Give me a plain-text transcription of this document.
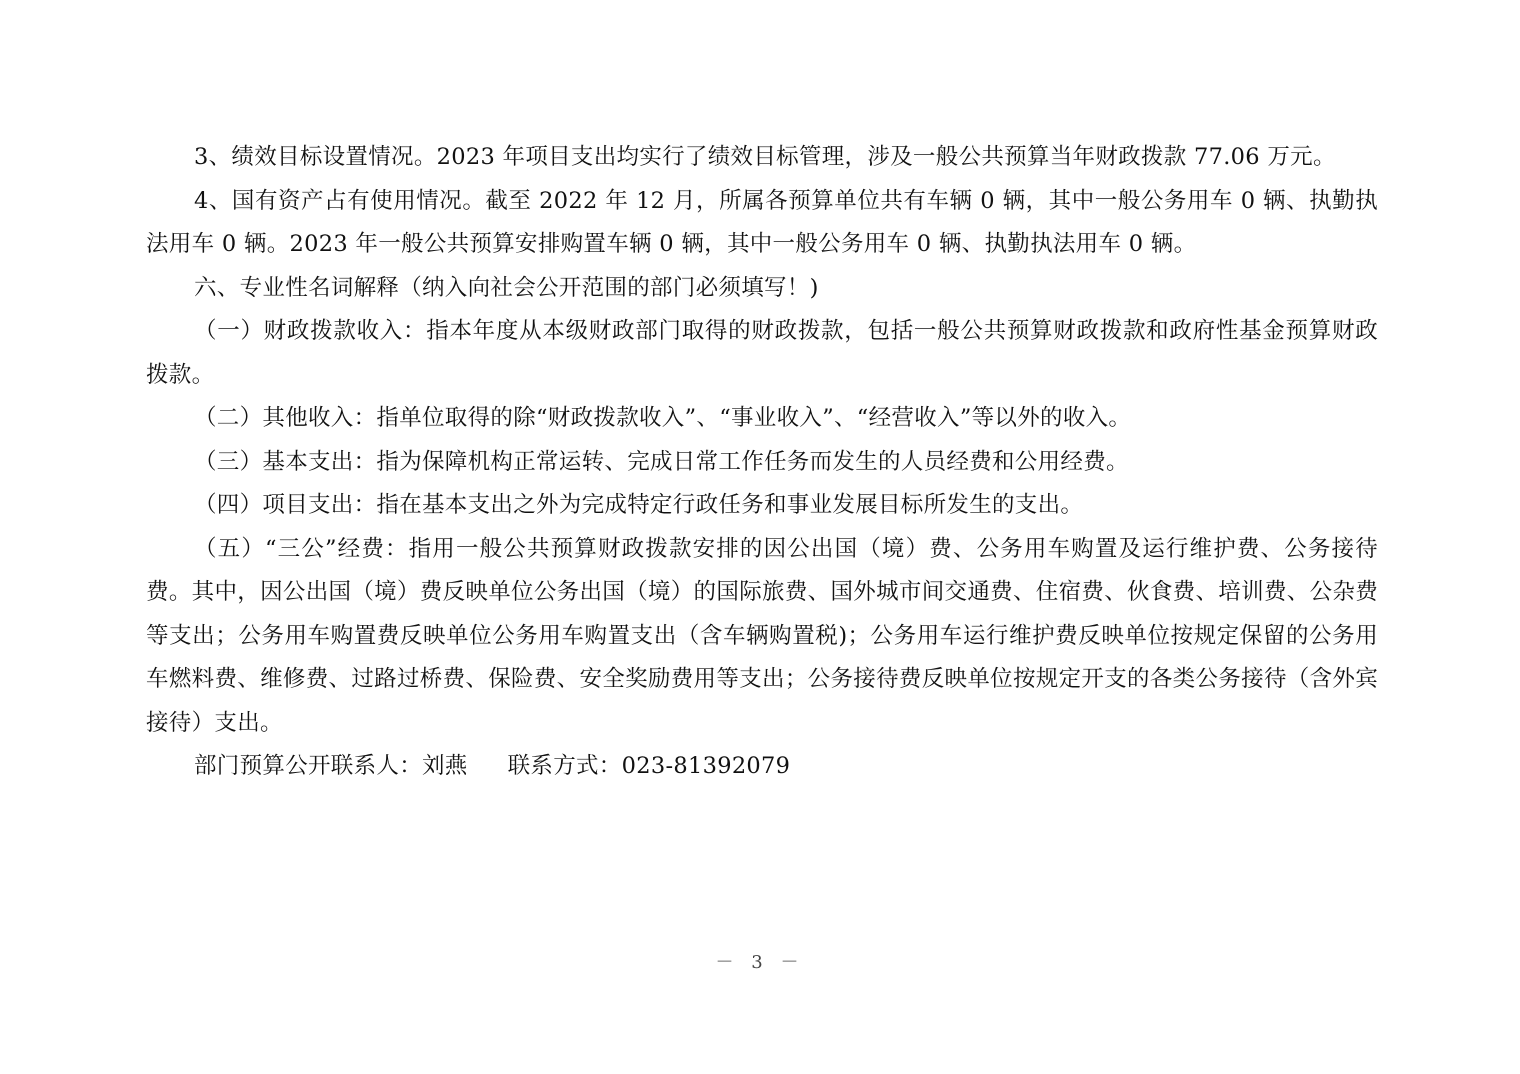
3、绩效目标设置情况。2023 年项目支出均实行了绩效目标管理，涉及一般公共预算当年财政拨款 77.06 万元。

4、国有资产占有使用情况。截至 2022 年 12 月，所属各预算单位共有车辆 0 辆，其中一般公务用车 0 辆、执勤执法用车 0 辆。2023 年一般公共预算安排购置车辆 0 辆，其中一般公务用车 0 辆、执勤执法用车 0 辆。

六、专业性名词解释（纳入向社会公开范围的部门必须填写！)

（一）财政拨款收入：指本年度从本级财政部门取得的财政拨款，包括一般公共预算财政拨款和政府性基金预算财政拨款。

（二）其他收入：指单位取得的除“财政拨款收入”、“事业收入”、“经营收入”等以外的收入。

（三）基本支出：指为保障机构正常运转、完成日常工作任务而发生的人员经费和公用经费。

（四）项目支出：指在基本支出之外为完成特定行政任务和事业发展目标所发生的支出。

（五）“三公”经费：指用一般公共预算财政拨款安排的因公出国（境）费、公务用车购置及运行维护费、公务接待费。其中，因公出国（境）费反映单位公务出国（境）的国际旅费、国外城市间交通费、住宿费、伙食费、培训费、公杂费等支出；公务用车购置费反映单位公务用车购置支出（含车辆购置税)；公务用车运行维护费反映单位按规定保留的公务用车燃料费、维修费、过路过桥费、保险费、安全奖励费用等支出；公务接待费反映单位按规定开支的各类公务接待（含外宾接待）支出。

部门预算公开联系人：刘燕 联系方式：023-81392079

－ 3 －
